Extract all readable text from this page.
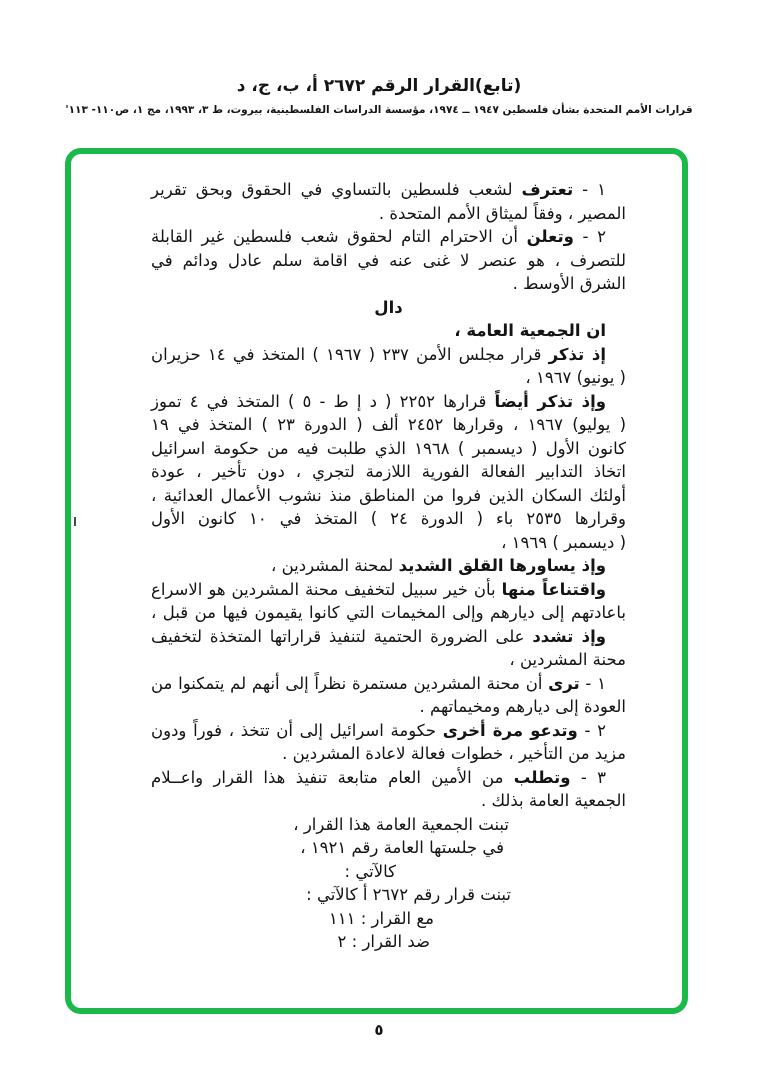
(تابع)القرار الرقم ٢٦٧٢ أ، ب، ج، د
قرارات الأمم المتحدة بشأن فلسطين ١٩٤٧ ــ ١٩٧٤، مؤسسة الدراسات الفلسطينية، بيروت، ط ٣، ١٩٩٣، مج ١، ص١١٠- ١١٣'
١ - تعترف لشعب فلسطين بالتساوي في الحقوق وبحق تقرير
المصير ، وفقاً لميثاق الأمم المتحدة .
٢ - وتعلن أن الاحترام التام لحقوق شعب فلسطين غير القابلة
للتصرف ، هو عنصر لا غنى عنه في اقامة سلم عادل ودائم في
الشرق الأوسط .
دال
ان الجمعية العامة ،
إذ تذكر قرار مجلس الأمن ٢٣٧ ( ١٩٦٧ ) المتخذ في ١٤ حزيران
( يونيو) ١٩٦٧ ،
وإذ تذكر أيضاً قرارها ٢٢٥٢ ( د إ ط - ٥ ) المتخذ في ٤ تموز
( يوليو) ١٩٦٧ ، وقرارها ٢٤٥٢ ألف ( الدورة ٢٣ ) المتخذ في ١٩
كانون الأول ( ديسمبر ) ١٩٦٨ الذي طلبت فيه من حكومة اسرائيل
اتخاذ التدابير الفعالة الفورية اللازمة لتجري ، دون تأخير ، عودة
أولئك السكان الذين فروا من المناطق منذ نشوب الأعمال العدائية ،
وقرارها ٢٥٣٥ باء ( الدورة ٢٤ ) المتخذ في ١٠ كانون الأول
( ديسمبر ) ١٩٦٩ ،
وإذ يساورها القلق الشديد لمحنة المشردين ،
واقتناعاً منها بأن خير سبيل لتخفيف محنة المشردين هو الاسراع
باعادتهم إلى ديارهم وإلى المخيمات التي كانوا يقيمون فيها من قبل ،
وإذ تشدد على الضرورة الحتمية لتنفيذ قراراتها المتخذة لتخفيف
محنة المشردين ،
١ - ترى أن محنة المشردين مستمرة نظراً إلى أنهم لم يتمكنوا من
العودة إلى ديارهم ومخيماتهم .
٢ - وتدعو مرة أخرى حكومة اسرائيل إلى أن تتخذ ، فوراً ودون
مزيد من التأخير ، خطوات فعالة لاعادة المشردين .
٣ - وتطلب من الأمين العام متابعة تنفيذ هذا القرار واعــلام
الجمعية العامة بذلك .
تبنت الجمعية العامة هذا القرار ،
في جلستها العامة رقم ١٩٢١ ،
كالآتي :
تبنت قرار رقم ٢٦٧٢ أ كالآتي :
مع القرار : ١١١
ضد القرار : ٢
٥
